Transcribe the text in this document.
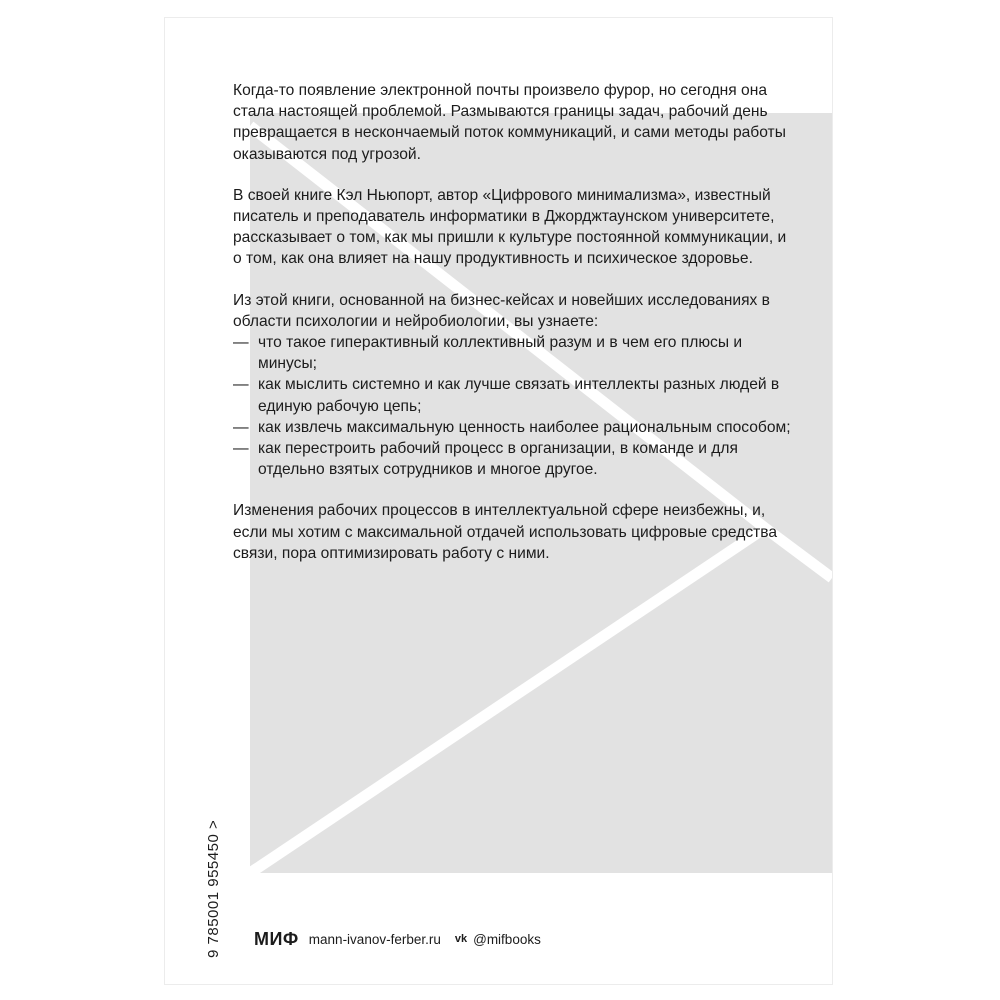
Когда-то появление электронной почты произвело фурор, но сегодня она стала настоящей проблемой. Размываются границы задач, рабочий день превращается в нескончаемый поток коммуникаций, и сами методы работы оказываются под угрозой.

В своей книге Кэл Ньюпорт, автор «Цифрового минимализма», известный писатель и преподаватель информатики в Джорджтаунском университете, рассказывает о том, как мы пришли к культуре постоянной коммуникации, и о том, как она влияет на нашу продуктивность и психическое здоровье.

Из этой книги, основанной на бизнес-кейсах и новейших исследованиях в области психологии и нейробиологии, вы узнаете:
— что такое гиперактивный коллективный разум и в чем его плюсы и минусы;
— как мыслить системно и как лучше связать интеллекты разных людей в единую рабочую цепь;
— как извлечь максимальную ценность наиболее рациональным способом;
— как перестроить рабочий процесс в организации, в команде и для отдельно взятых сотрудников и многое другое.

Изменения рабочих процессов в интеллектуальной сфере неизбежны, и, если мы хотим с максимальной отдачей использовать цифровые средства связи, пора оптимизировать работу с ними.

9 785001 955450 > МИФ mann-ivanov-ferber.ru vk @mifbooks
